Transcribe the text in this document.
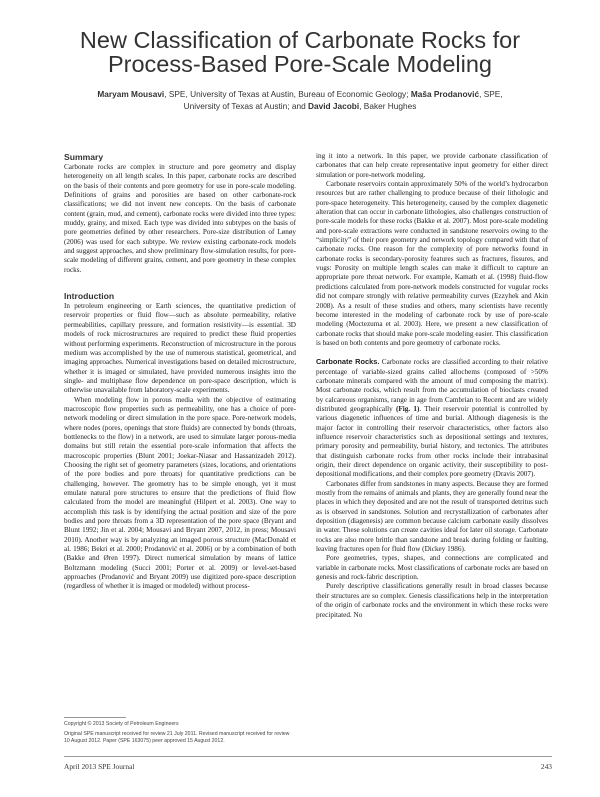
New Classification of Carbonate Rocks for
Process-Based Pore-Scale Modeling
Maryam Mousavi, SPE, University of Texas at Austin, Bureau of Economic Geology; Maša Prodanović, SPE,
University of Texas at Austin; and David Jacobi, Baker Hughes
Summary

Carbonate rocks are complex in structure and pore geometry and display heterogeneity on all length scales. In this paper, carbonate rocks are described on the basis of their contents and pore geometry for use in pore-scale modeling. Definitions of grains and porosities are based on other carbonate-rock classifications; we did not invent new concepts. On the basis of carbonate content (grain, mud, and cement), carbonate rocks were divided into three types: muddy, grainy, and mixed. Each type was divided into subtypes on the basis of pore geometries defined by other researchers. Pore-size distribution of Lønøy (2006) was used for each subtype. We review existing carbonate-rock models and suggest approaches, and show preliminary flow-simulation results, for pore-scale modeling of different grains, cement, and pore geometry in these complex rocks.

Introduction

In petroleum engineering or Earth sciences, the quantitative prediction of reservoir properties or fluid flow—such as absolute permeability, relative permeabilities, capillary pressure, and formation resistivity—is essential. 3D models of rock microstructures are required to predict these fluid properties without performing experiments. Reconstruction of microstructure in the porous medium was accomplished by the use of numerous statistical, geometrical, and imaging approaches. Numerical investigations based on detailed microstructure, whether it is imaged or simulated, have provided numerous insights into the single- and multiphase flow dependence on pore-space description, which is otherwise unavailable from laboratory-scale experiments.

When modeling flow in porous media with the objective of estimating macroscopic flow properties such as permeability, one has a choice of pore-network modeling or direct simulation in the pore space. Pore-network models, where nodes (pores, openings that store fluids) are connected by bonds (throats, bottlenecks to the flow) in a network, are used to simulate larger porous-media domains but still retain the essential pore-scale information that affects the macroscopic properties (Blunt 2001; Joekar-Niasar and Hassanizadeh 2012). Choosing the right set of geometry parameters (sizes, locations, and orientations of the pore bodies and pore throats) for quantitative predictions can be challenging, however. The geometry has to be simple enough, yet it must emulate natural pore structures to ensure that the predictions of fluid flow calculated from the model are meaningful (Hilpert et al. 2003). One way to accomplish this task is by identifying the actual position and size of the pore bodies and pore throats from a 3D representation of the pore space (Bryant and Blunt 1992; Jin et al. 2004; Mousavi and Bryant 2007, 2012, in press; Mousavi 2010). Another way is by analyzing an imaged porous structure (MacDonald et al. 1986; Bekri et al. 2000; Prodanović et al. 2006) or by a combination of both (Bakke and Øren 1997). Direct numerical simulation by means of lattice Boltzmann modeling (Succi 2001; Porter et al. 2009) or level-set-based approaches (Prodanović and Bryant 2009) use digitized pore-space description (regardless of whether it is imaged or modeled) without process-

ing it into a network. In this paper, we provide carbonate classification of carbonates that can help create representative input geometry for either direct simulation or pore-network modeling.

Carbonate reservoirs contain approximately 50% of the world’s hydrocarbon resources but are rather challenging to produce because of their lithologic and pore-space heterogeneity. This heterogeneity, caused by the complex diagenetic alteration that can occur in carbonate lithologies, also challenges construction of pore-scale models for these rocks (Bakke et al. 2007). Most pore-scale modeling and pore-scale extractions were conducted in sandstone reservoirs owing to the “simplicity” of their pore geometry and network topology compared with that of carbonate rocks. One reason for the complexity of pore networks found in carbonate rocks is secondary-porosity features such as fractures, fissures, and vugs: Porosity on multiple length scales can make it difficult to capture an appropriate pore throat network. For example, Kamath et al. (1998) fluid-flow predictions calculated from pore-network models constructed for vugular rocks did not compare strongly with relative permeability curves (Ezzyhek and Akin 2008). As a result of these studies and others, many scientists have recently become interested in the modeling of carbonate rock by use of pore-scale modeling (Moctezuma et al. 2003). Here, we present a new classification of carbonate rocks that should make pore-scale modeling easier. This classification is based on both contents and pore geometry of carbonate rocks.

Carbonate Rocks. Carbonate rocks are classified according to their relative percentage of variable-sized grains called allochems (composed of >50% carbonate minerals compared with the amount of mud composing the matrix). Most carbonate rocks, which result from the accumulation of bioclasts created by calcareous organisms, range in age from Cambrian to Recent and are widely distributed geographically (Fig. 1). Their reservoir potential is controlled by various diagenetic influences of time and burial. Although diagenesis is the major factor in controlling their reservoir characteristics, other factors also influence reservoir characteristics such as depositional settings and textures, primary porosity and permeability, burial history, and tectonics. The attributes that distinguish carbonate rocks from other rocks include their intrabasinal origin, their direct dependence on organic activity, their susceptibility to post-depositional modifications, and their complex pore geometry (Dravis 2007).

Carbonates differ from sandstones in many aspects. Because they are formed mostly from the remains of animals and plants, they are generally found near the places in which they deposited and are not the result of transported detritus such as is observed in sandstones. Solution and recrystallization of carbonates after deposition (diagenesis) are common because calcium carbonate easily dissolves in water. These solutions can create cavities ideal for later oil storage. Carbonate rocks are also more brittle than sandstone and break during folding or faulting, leaving fractures open for fluid flow (Dickey 1986).

Pore geometries, types, shapes, and connections are complicated and variable in carbonate rocks. Most classifications of carbonate rocks are based on genesis and rock-fabric description.

Purely descriptive classifications generally result in broad classes because their structures are so complex. Genesis classifications help in the interpretation of the origin of carbonate rocks and the environment in which these rocks were precipitated. No

Copyright © 2013 Society of Petroleum Engineers
Original SPE manuscript received for review 21 July 2011. Revised manuscript received for review 10 August 2012. Paper (SPE 163075) peer approved 15 August 2012.
April 2013 SPE Journal	243
